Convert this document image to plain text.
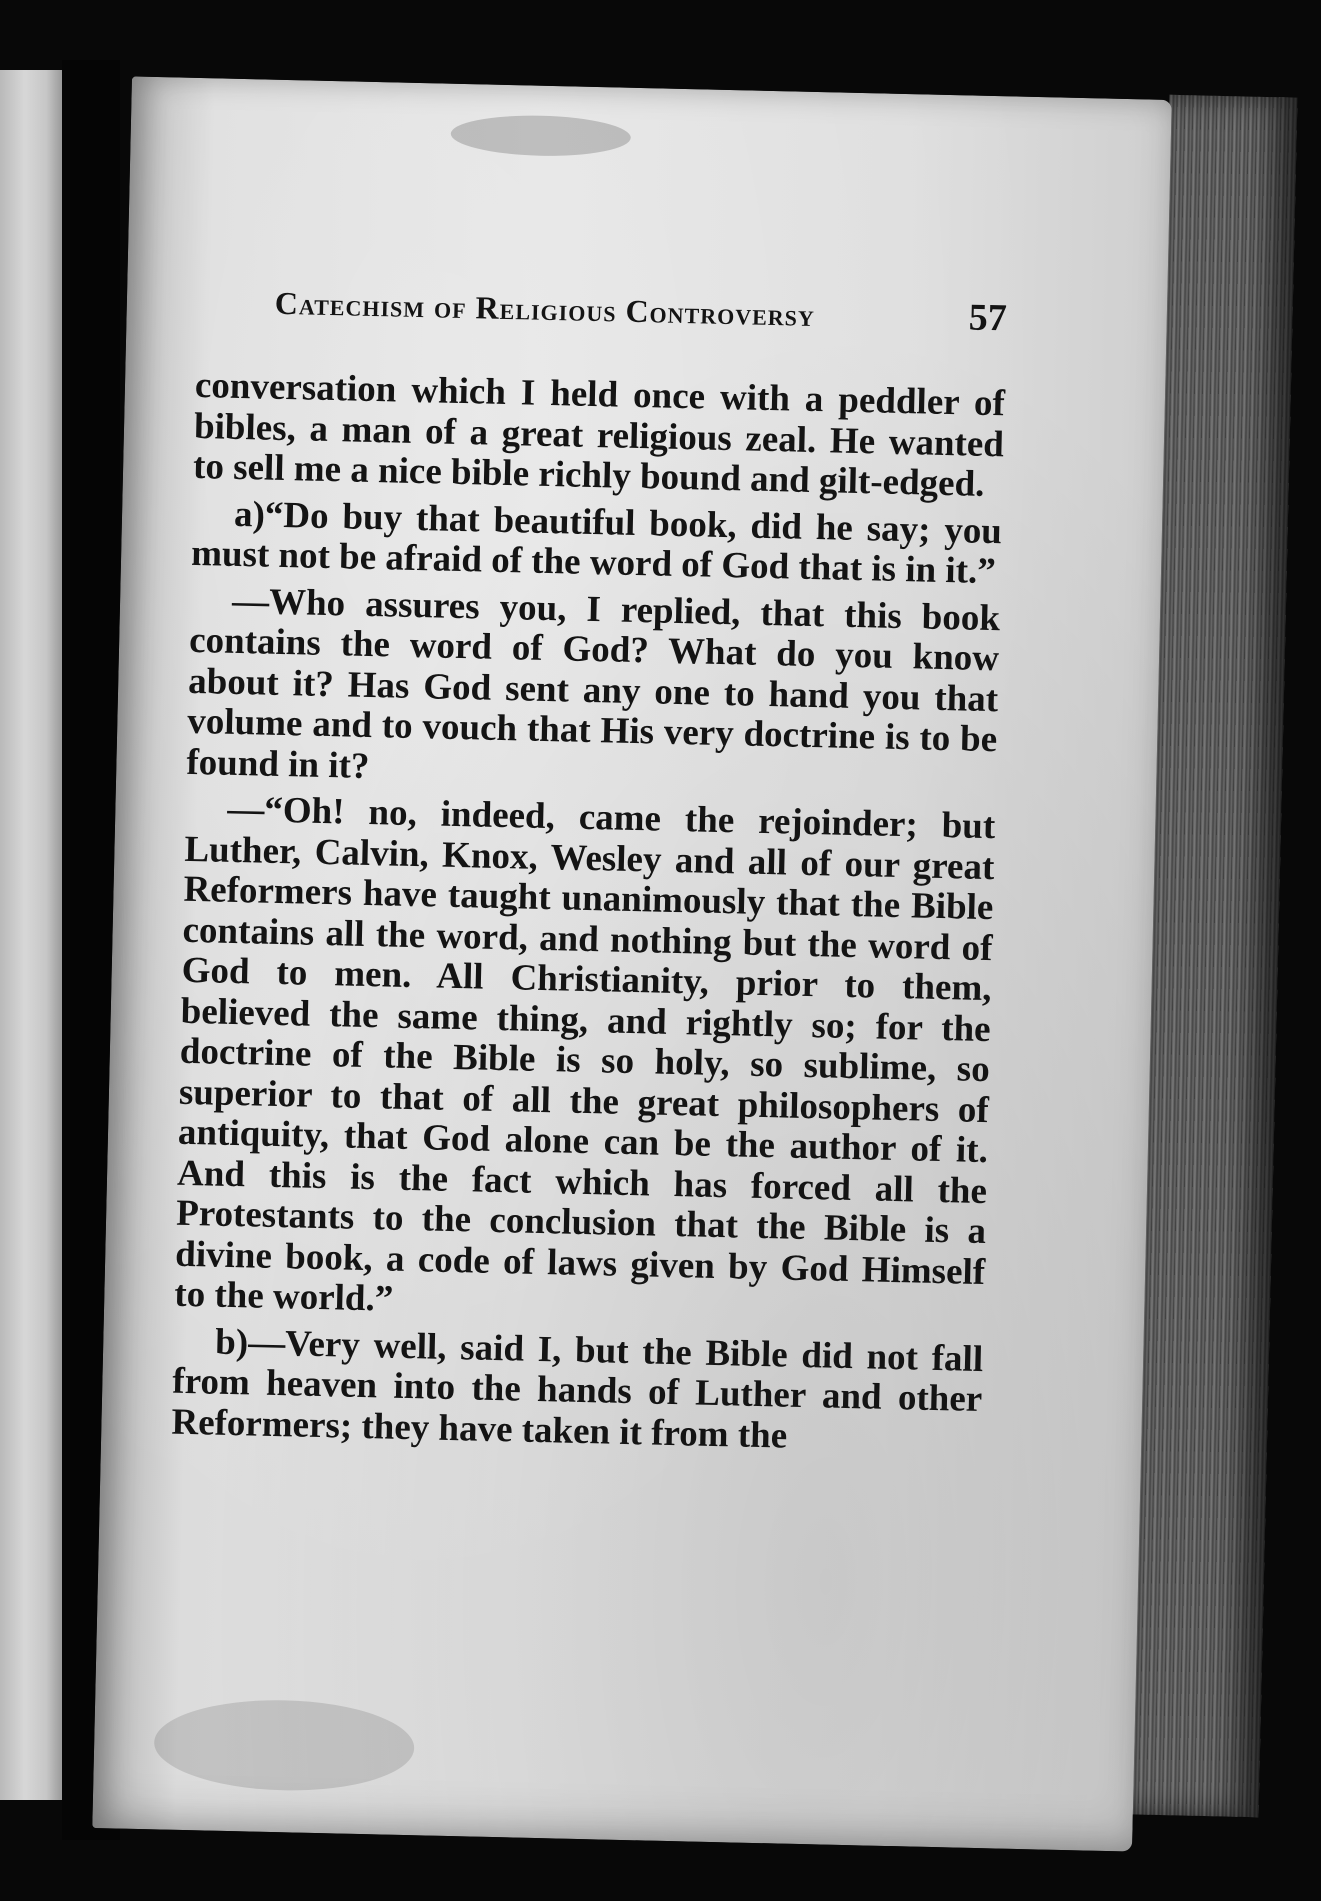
Catechism of Religious Controversy	57

conversation which I held once with a peddler of bibles, a man of a great religious zeal. He wanted to sell me a nice bible richly bound and gilt-edged.

a)“Do buy that beautiful book, did he say; you must not be afraid of the word of God that is in it.”

—Who assures you, I replied, that this book contains the word of God? What do you know about it? Has God sent any one to hand you that volume and to vouch that His very doctrine is to be found in it?

—“Oh! no, indeed, came the rejoinder; but Luther, Calvin, Knox, Wesley and all of our great Reformers have taught unanimously that the Bible contains all the word, and nothing but the word of God to men. All Christianity, prior to them, believed the same thing, and rightly so; for the doctrine of the Bible is so holy, so sublime, so superior to that of all the great philosophers of antiquity, that God alone can be the author of it. And this is the fact which has forced all the Protestants to the conclusion that the Bible is a divine book, a code of laws given by God Himself to the world.”

b)—Very well, said I, but the Bible did not fall from heaven into the hands of Luther and other Reformers; they have taken it from the
